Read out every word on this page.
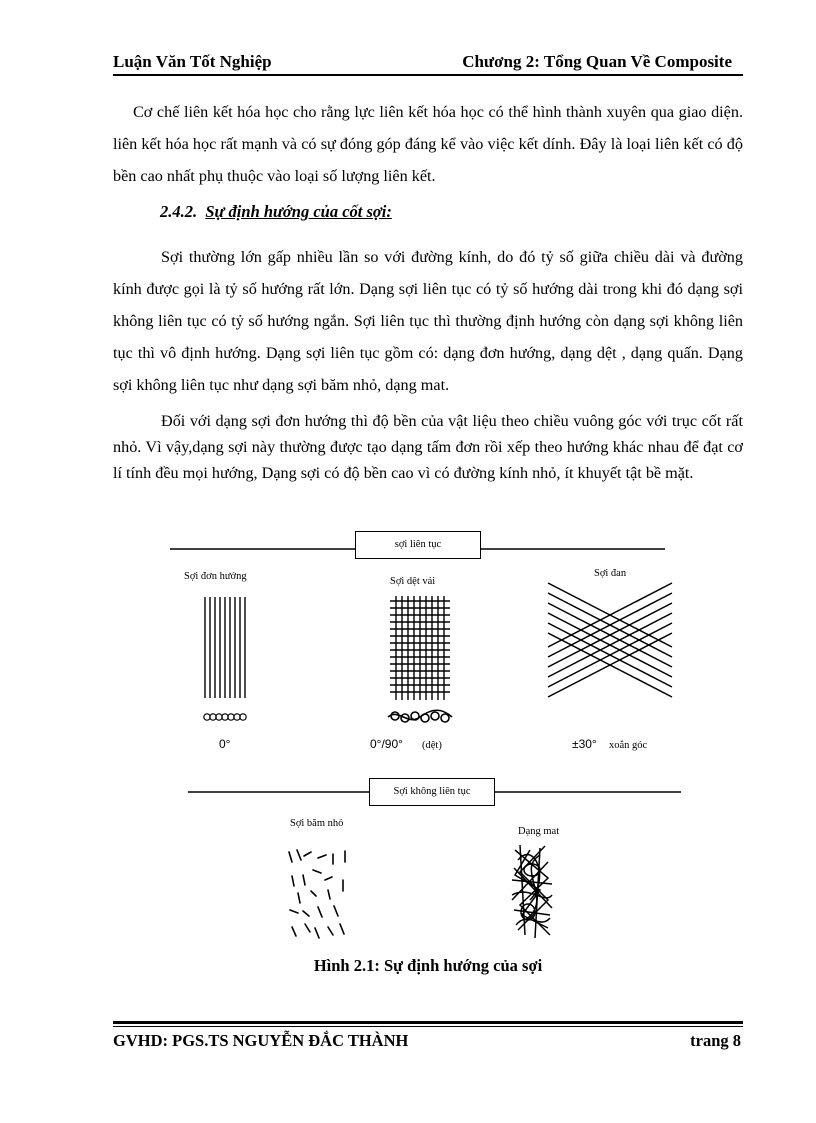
Luận Văn Tốt Nghiệp	Chương 2: Tổng Quan Về Composite

Cơ chế liên kết hóa học cho rằng lực liên kết hóa học có thể hình thành xuyên qua giao diện. liên kết hóa học rất mạnh và có sự đóng góp đáng kể vào việc kết dính. Đây là loại liên kết có độ bền cao nhất phụ thuộc vào loại số lượng liên kết.

2.4.2. Sự định hướng của cốt sợi:

Sợi thường lớn gấp nhiều lần so với đường kính, do đó tỷ số giữa chiều dài và đường kính được gọi là tỷ số hướng rất lớn. Dạng sợi liên tục có tỷ số hướng dài trong khi đó dạng sợi không liên tục có tỷ số hướng ngắn. Sợi liên tục thì thường định hướng còn dạng sợi không liên tục thì vô định hướng. Dạng sợi liên tục gồm có: dạng đơn hướng, dạng dệt , dạng quấn. Dạng sợi không liên tục như dạng sợi băm nhỏ, dạng mat.

Đối với dạng sợi đơn hướng thì độ bền của vật liệu theo chiều vuông góc với trục cốt rất nhỏ. Vì vậy,dạng sợi này thường được tạo dạng tấm đơn rồi xếp theo hướng khác nhau để đạt cơ lí tính đều mọi hướng, Dạng sợi có độ bền cao vì có đường kính nhỏ, ít khuyết tật bề mặt.

sợi liên tục
Sợi đơn hướng	Sợi dệt vải
Sợi đan
0°	0°/90° (dệt)	±30° xoắn góc
Sợi không liên tục
Sợi băm nhỏ
Dạng mat
Hình 2.1: Sự định hướng của sợi
GVHD: PGS.TS NGUYỄN ĐẮC THÀNH	trang 8
